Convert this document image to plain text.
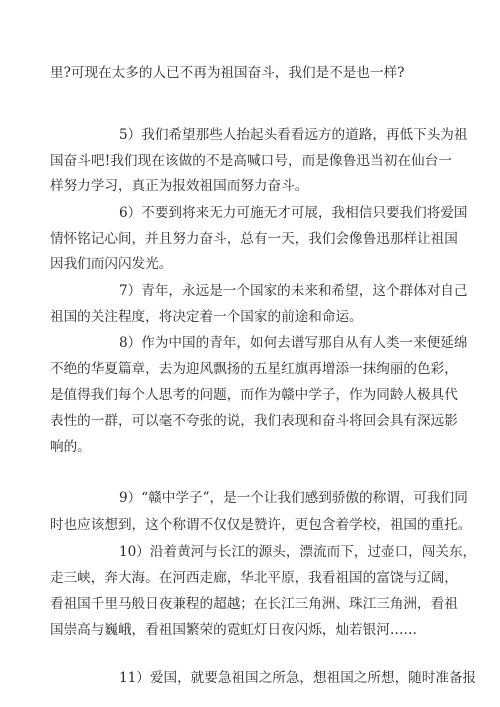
里?可现在太多的人已不再为祖国奋斗，我们是不是也一样?
5）我们希望那些人抬起头看看远方的道路，再低下头为祖
国奋斗吧!我们现在该做的不是高喊口号，而是像鲁迅当初在仙台一
样努力学习，真正为报效祖国而努力奋斗。
6）不要到将来无力可施无才可展，我相信只要我们将爱国
情怀铭记心间，并且努力奋斗，总有一天，我们会像鲁迅那样让祖国
因我们而闪闪发光。
7）青年，永远是一个国家的未来和希望，这个群体对自己
祖国的关注程度，将决定着一个国家的前途和命运。
8）作为中国的青年，如何去谱写那自从有人类一来便延绵
不绝的华夏篇章，去为迎风飘扬的五星红旗再增添一抹绚丽的色彩，
是值得我们每个人思考的问题，而作为赣中学子，作为同龄人极具代
表性的一群，可以毫不夸张的说，我们表现和奋斗将回会具有深远影
响的。
9）“赣中学子”，是一个让我们感到骄傲的称谓，可我们同
时也应该想到，这个称谓不仅仅是赞许，更包含着学校，祖国的重托。
10）沿着黄河与长江的源头，漂流而下，过壶口，闯关东，
走三峡，奔大海。在河西走廊，华北平原，我看祖国的富饶与辽阔，
看祖国千里马般日夜兼程的超越；在长江三角洲、珠江三角洲，看祖
国崇高与巍峨，看祖国繁荣的霓虹灯日夜闪烁，灿若银河……
11）爱国，就要急祖国之所急，想祖国之所想，随时准备报
